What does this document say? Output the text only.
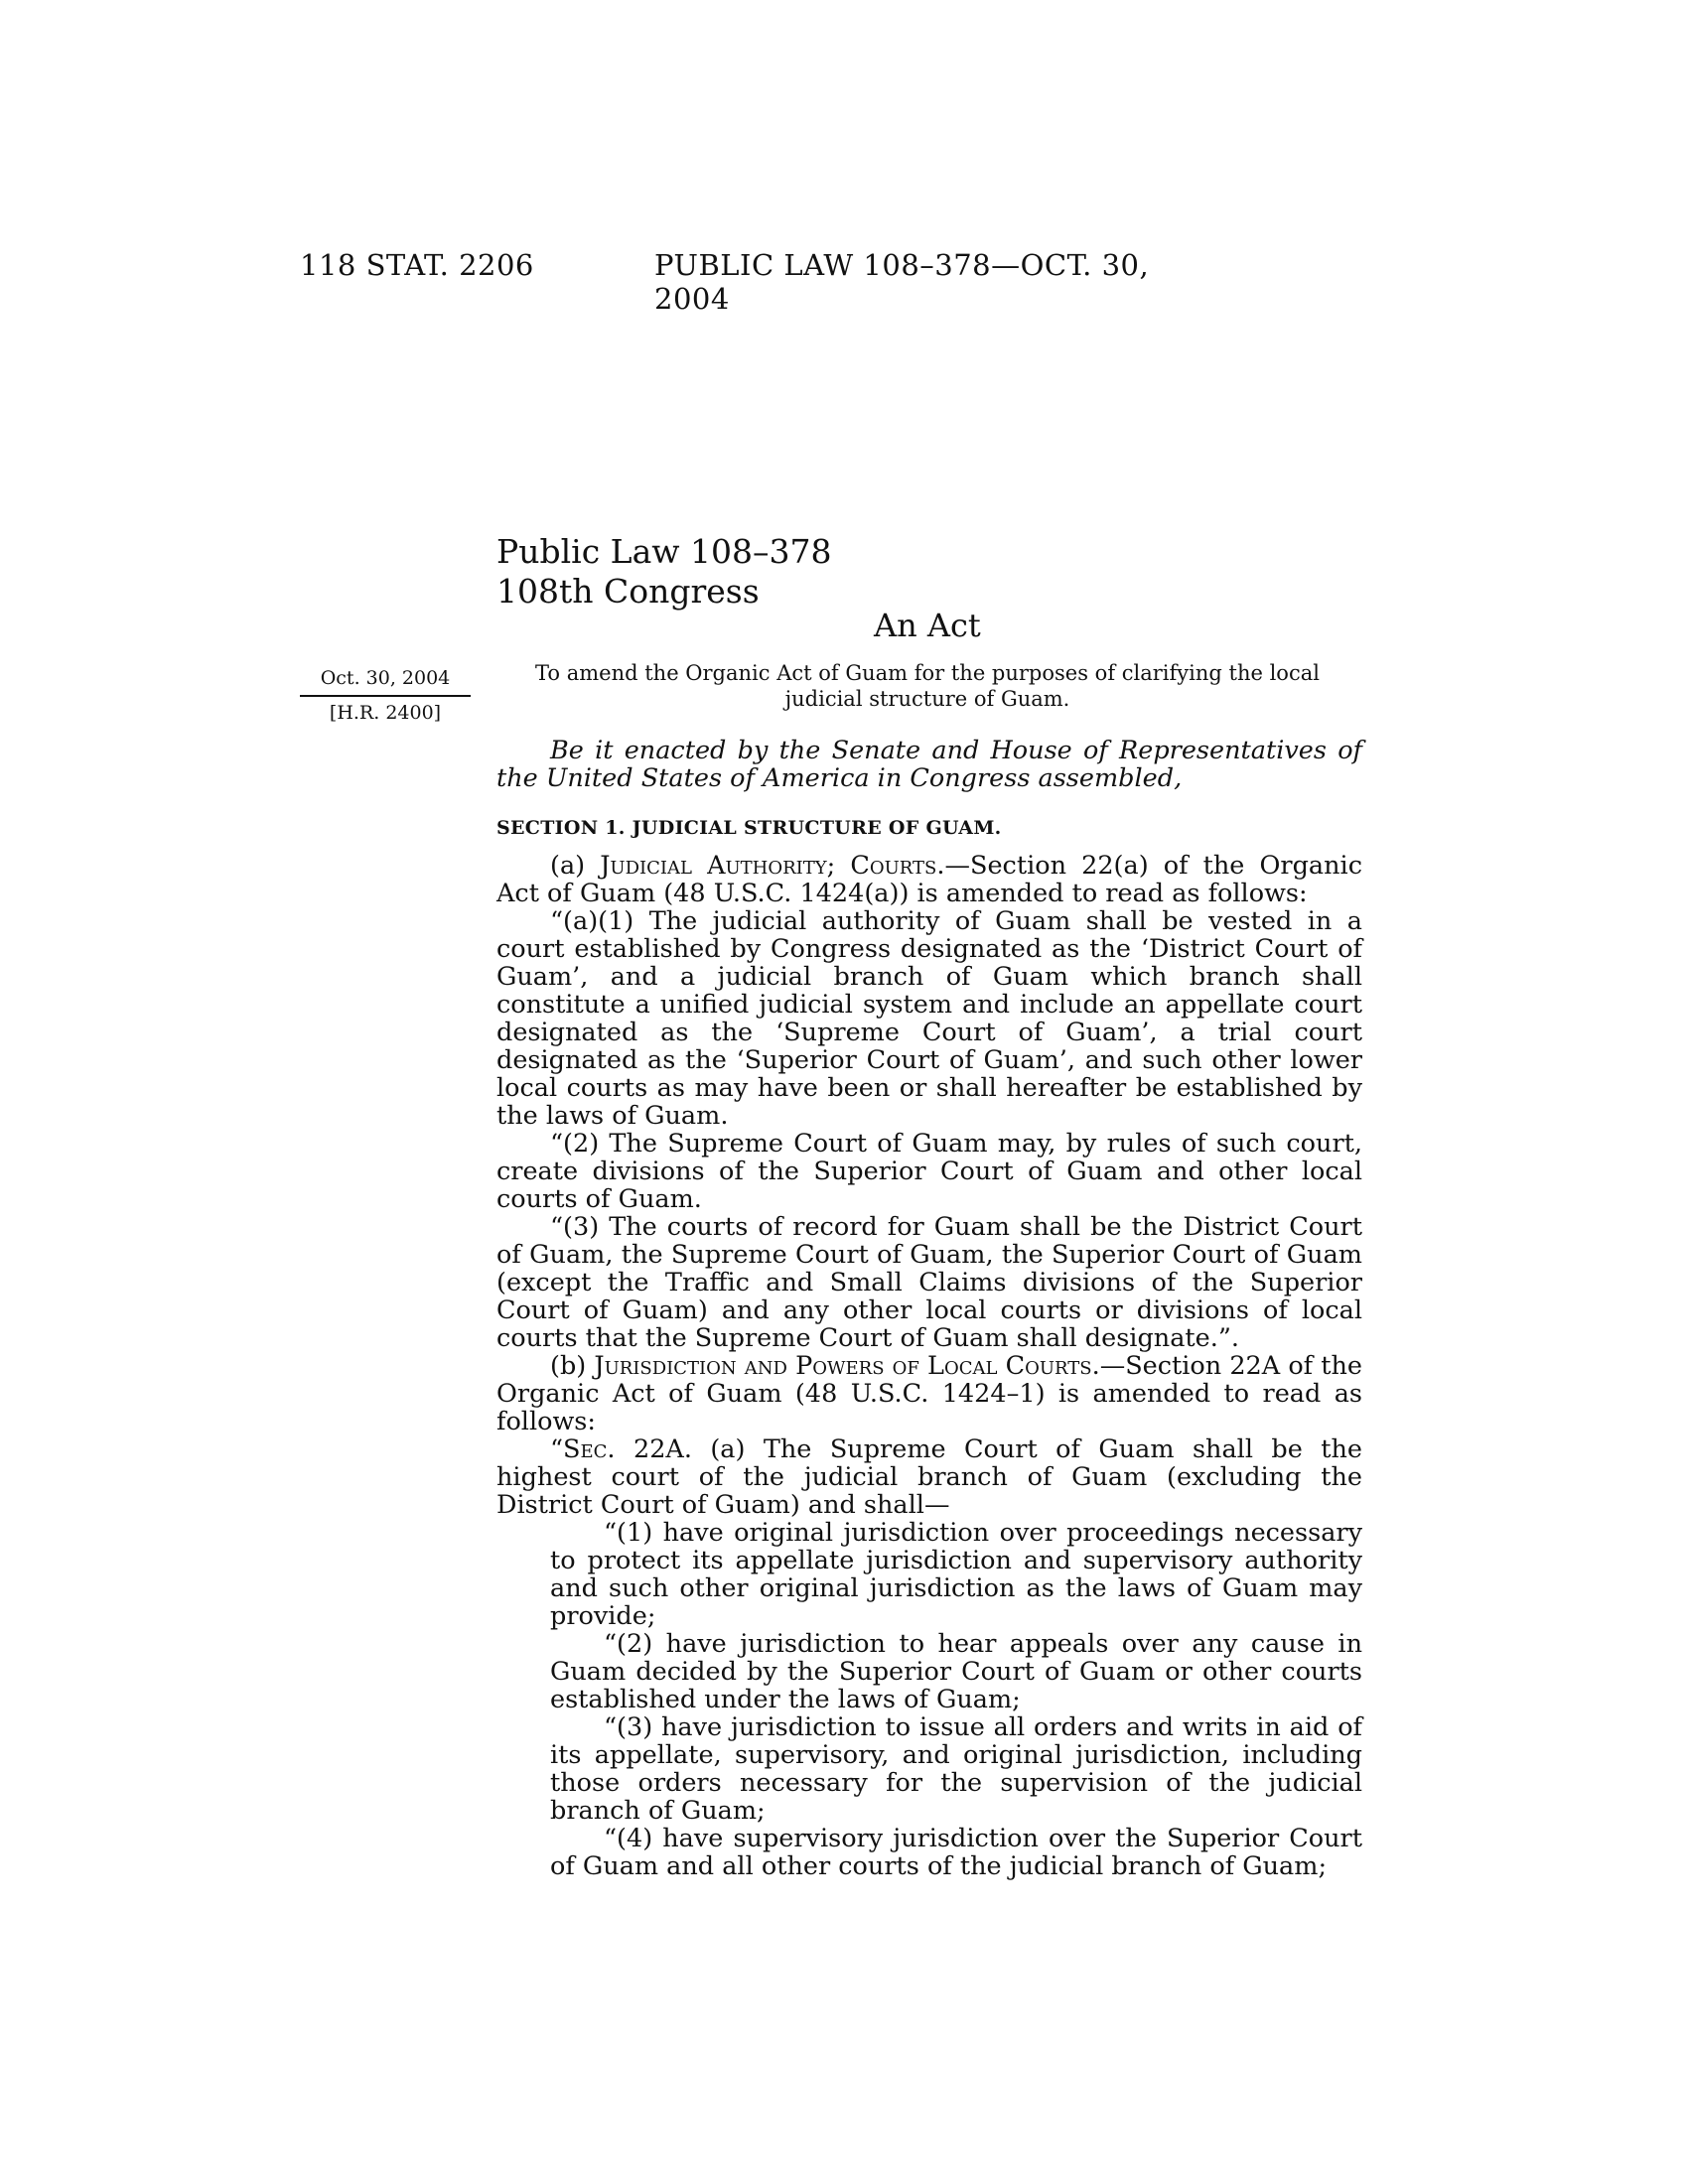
118 STAT. 2206	PUBLIC LAW 108–378—OCT. 30, 2004
Public Law 108–378
108th Congress
An Act
Oct. 30, 2004
[H.R. 2400]
To amend the Organic Act of Guam for the purposes of clarifying the local judicial structure of Guam.

Be it enacted by the Senate and House of Representatives of the United States of America in Congress assembled,

SECTION 1. JUDICIAL STRUCTURE OF GUAM.

(a) Judicial Authority; Courts.—Section 22(a) of the Organic Act of Guam (48 U.S.C. 1424(a)) is amended to read as follows:

“(a)(1) The judicial authority of Guam shall be vested in a court established by Congress designated as the ‘District Court of Guam’, and a judicial branch of Guam which branch shall constitute a unified judicial system and include an appellate court designated as the ‘Supreme Court of Guam’, a trial court designated as the ‘Superior Court of Guam’, and such other lower local courts as may have been or shall hereafter be established by the laws of Guam.

“(2) The Supreme Court of Guam may, by rules of such court, create divisions of the Superior Court of Guam and other local courts of Guam.

“(3) The courts of record for Guam shall be the District Court of Guam, the Supreme Court of Guam, the Superior Court of Guam (except the Traffic and Small Claims divisions of the Superior Court of Guam) and any other local courts or divisions of local courts that the Supreme Court of Guam shall designate.”.

(b) Jurisdiction and Powers of Local Courts.—Section 22A of the Organic Act of Guam (48 U.S.C. 1424–1) is amended to read as follows:

“Sec. 22A. (a) The Supreme Court of Guam shall be the highest court of the judicial branch of Guam (excluding the District Court of Guam) and shall—

“(1) have original jurisdiction over proceedings necessary to protect its appellate jurisdiction and supervisory authority and such other original jurisdiction as the laws of Guam may provide;

“(2) have jurisdiction to hear appeals over any cause in Guam decided by the Superior Court of Guam or other courts established under the laws of Guam;

“(3) have jurisdiction to issue all orders and writs in aid of its appellate, supervisory, and original jurisdiction, including those orders necessary for the supervision of the judicial branch of Guam;

“(4) have supervisory jurisdiction over the Superior Court of Guam and all other courts of the judicial branch of Guam;
